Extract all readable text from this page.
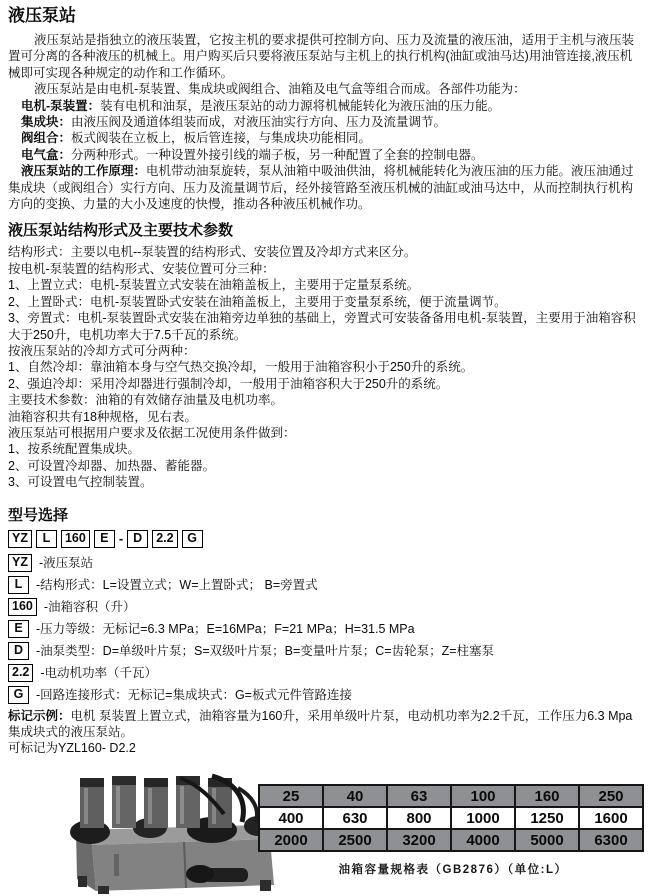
液压泵站

液压泵站是指独立的液压装置，它按主机的要求提供可控制方向、压力及流量的液压油，适用于主机与液压装置可分离的各种液压的机械上。用户购买后只要将液压泵站与主机上的执行机构(油缸或油马达)用油管连接,液压机械即可实现各种规定的动作和工作循环。

液压泵站是由电机-泵装置、集成块或阀组合、油箱及电气盒等组合而成。各部件功能为：

电机-泵装置：装有电机和油泵，是液压泵站的动力源将机械能转化为液压油的压力能。

集成块：由液压阀及通道体组装而成，对液压油实行方向、压力及流量调节。

阀组合：板式阀装在立板上，板后管连接，与集成块功能相同。

电气盒：分两种形式。一种设置外接引线的端子板，另一种配置了全套的控制电器。

液压泵站的工作原理：电机带动油泵旋转，泵从油箱中吸油供油，将机械能转化为液压油的压力能。液压油通过集成块（或阀组合）实行方向、压力及流量调节后，经外接管路至液压机械的油缸或油马达中，从而控制执行机构方向的变换、力量的大小及速度的快慢，推动各种液压机械作功。

液压泵站结构形式及主要技术参数

结构形式：主要以电机--泵装置的结构形式、安装位置及冷却方式来区分。

按电机-泵装置的结构形式、安装位置可分三种：

1、上置立式：电机-泵装置立式安装在油箱盖板上，主要用于定量泵系统。

2、上置卧式：电机-泵装置卧式安装在油箱盖板上，主要用于变量泵系统，便于流量调节。

3、旁置式：电机-泵装置卧式安装在油箱旁边单独的基础上，旁置式可安装备备用电机-泵装置，主要用于油箱容积大于250升，电机功率大于7.5千瓦的系统。

按液压泵站的冷却方式可分两种：

1、自然冷却：靠油箱本身与空气热交换冷却，一般用于油箱容积小于250升的系统。

2、强迫冷却：采用冷却器进行强制冷却，一般用于油箱容积大于250升的系统。

主要技术参数：油箱的有效储存油量及电机功率。

油箱容积共有18种规格，见右表。

液压泵站可根据用户要求及依据工况使用条件做到：

1、按系统配置集成块。

2、可设置冷却器、加热器、蓄能器。

3、可设置电气控制装置。

型号选择
YZ	L	160	E - D	2.2	G
YZ -液压泵站
L	-结构形式：L=设置立式；W=上置卧式； B=旁置式
160 -油箱容积（升）
E	-压力等级：无标记=6.3 MPa；E=16MPa；F=21 MPa；H=31.5 MPa
D	-油泵类型：D=单级叶片泵；S=双级叶片泵；B=变量叶片泵；C=齿轮泵；Z=柱塞泵
2.2 -电动机功率（千瓦）
G	-回路连接形式：无标记=集成块式：G=板式元件管路连接

标记示例：电机 泵装置上置立式，油箱容量为160升，采用单级叶片泵，电动机功率为2.2千瓦，工作压力6.3 Mpa集成块式的液压泵站。

可标记为YZL160- D2.2

25	40	63	100	160	250
400	630	800	1000	1250	1600
2000	2500	3200	4000	5000	6300
油箱容量规格表（GB2876）（单位:L）
